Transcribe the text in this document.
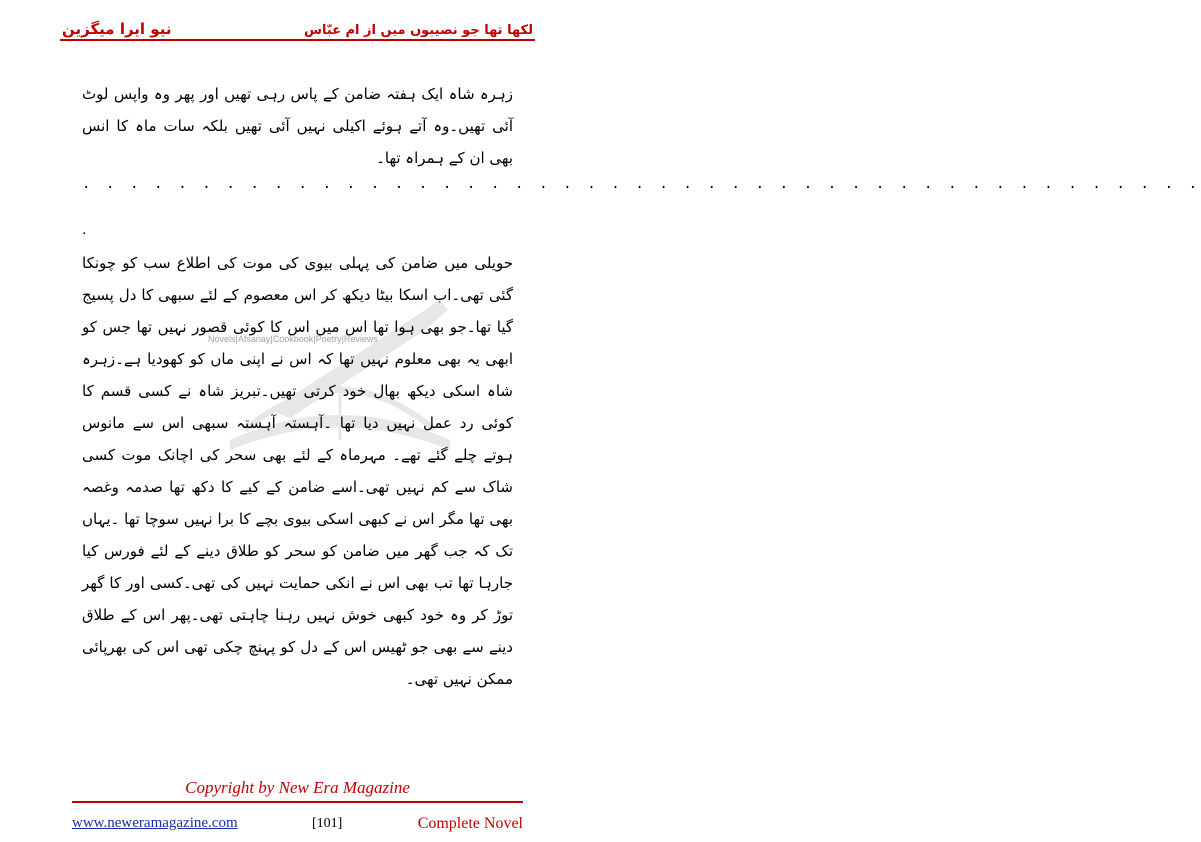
لکھا تھا جو نصیبوں میں از ام عبّاس
نیو ایرا میگزین
زہرہ شاہ ایک ہفتہ ضامن کے پاس رہی تھیں اور پھر وہ واپس لوٹ آئی تھیں۔وہ آتے ہوئے اکیلی نہیں آئی تھیں بلکہ سات ماہ کا انس بھی ان کے ہمراہ تھا۔
. . . . . . . . . . . . . . . . . . . . . . . . . . . . . . . . . . . . . . . . . . . . . . .
.
Novels|Afsanay|Cookbook|Poetry|Reviews
حویلی میں ضامن کی پہلی بیوی کی موت کی اطلاع سب کو چونکا گئی تھی۔اب اسکا بیٹا دیکھ کر اس معصوم کے لئے سبھی کا دل پسیج گیا تھا۔جو بھی ہوا تھا اس میں اس کا کوئی قصور نہیں تھا جس کو ابھی یہ بھی معلوم نہیں تھا کہ اس نے اپنی ماں کو کھودیا ہے۔زہرہ شاہ اسکی دیکھ بھال خود کرتی تھیں۔تبریز شاہ نے کسی قسم کا کوئی رد عمل نہیں دیا تھا ۔آہستہ آہستہ سبھی اس سے مانوس ہوتے چلے گئے تھے۔ مہرماہ کے لئے بھی سحر کی اچانک موت کسی شاک سے کم نہیں تھی۔اسے ضامن کے کیے کا دکھ تھا صدمہ وغصہ بھی تھا مگر اس نے کبھی اسکی بیوی بچے کا برا نہیں سوچا تھا ۔یہاں تک کہ جب گھر میں ضامن کو سحر کو طلاق دینے کے لئے فورس کیا جارہا تھا تب بھی اس نے انکی حمایت نہیں کی تھی۔کسی اور کا گھر توڑ کر وہ خود کبھی خوش نہیں رہنا چاہتی تھی۔پھر اس کے طلاق دینے سے بھی جو ٹھیس اس کے دل کو پہنچ چکی تھی اس کی بھرپائی ممکن نہیں تھی۔
Copyright by New Era Magazine
www.neweramagazine.com	[101]	Complete Novel
